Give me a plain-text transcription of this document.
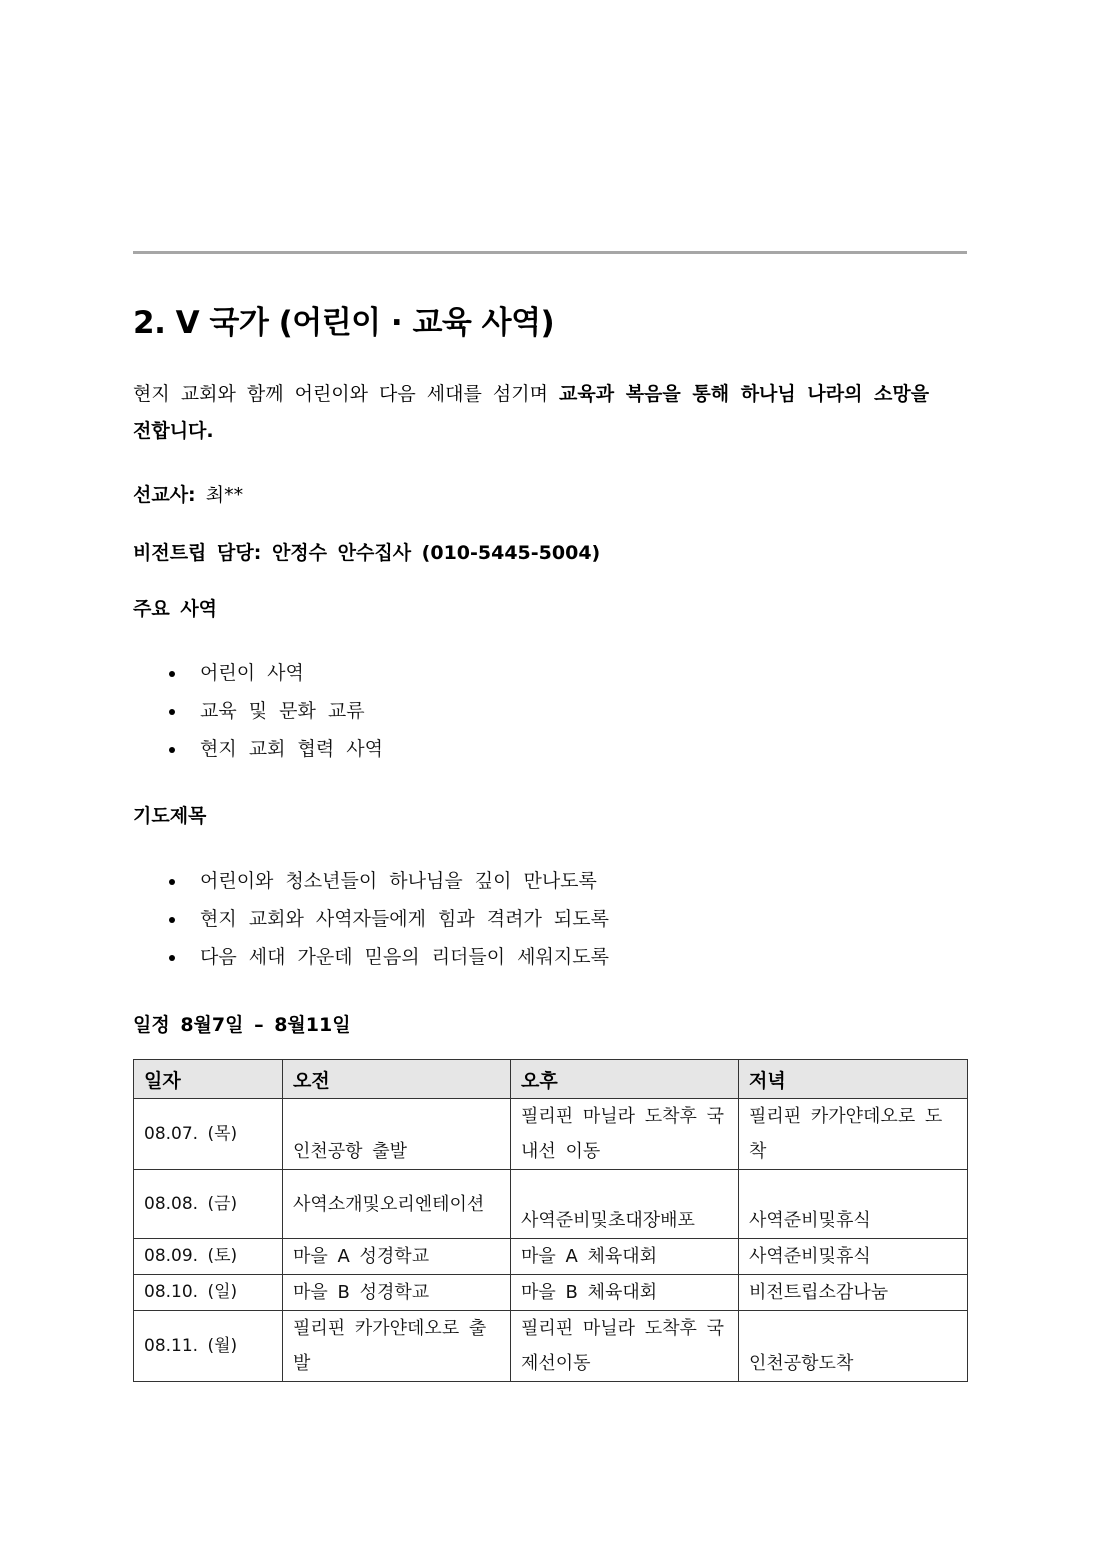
2. V 국가 (어린이 · 교육 사역)

현지 교회와 함께 어린이와 다음 세대를 섬기며 교육과 복음을 통해 하나님 나라의 소망을 전합니다.

선교사: 최**

비전트립 담당: 안정수 안수집사 (010-5445-5004)

주요 사역

어린이 사역
교육 및 문화 교류
현지 교회 협력 사역

기도제목

어린이와 청소년들이 하나님을 깊이 만나도록
현지 교회와 사역자들에게 힘과 격려가 되도록
다음 세대 가운데 믿음의 리더들이 세워지도록

일정 8월7일 – 8월11일

일자	오전	오후	저녁
08.07. (목)	인천공항 출발	필리핀 마닐라 도착후 국내선 이동	필리핀 카가얀데오로 도착
08.08. (금)	사역소개및오리엔테이션	사역준비및초대장배포	사역준비및휴식
08.09. (토)	마을 A 성경학교	마을 A 체육대회	사역준비및휴식
08.10. (일)	마을 B 성경학교	마을 B 체육대회	비전트립소감나눔
08.11. (월)	필리핀 카가얀데오로 출발	필리핀 마닐라 도착후 국제선이동	인천공항도착
